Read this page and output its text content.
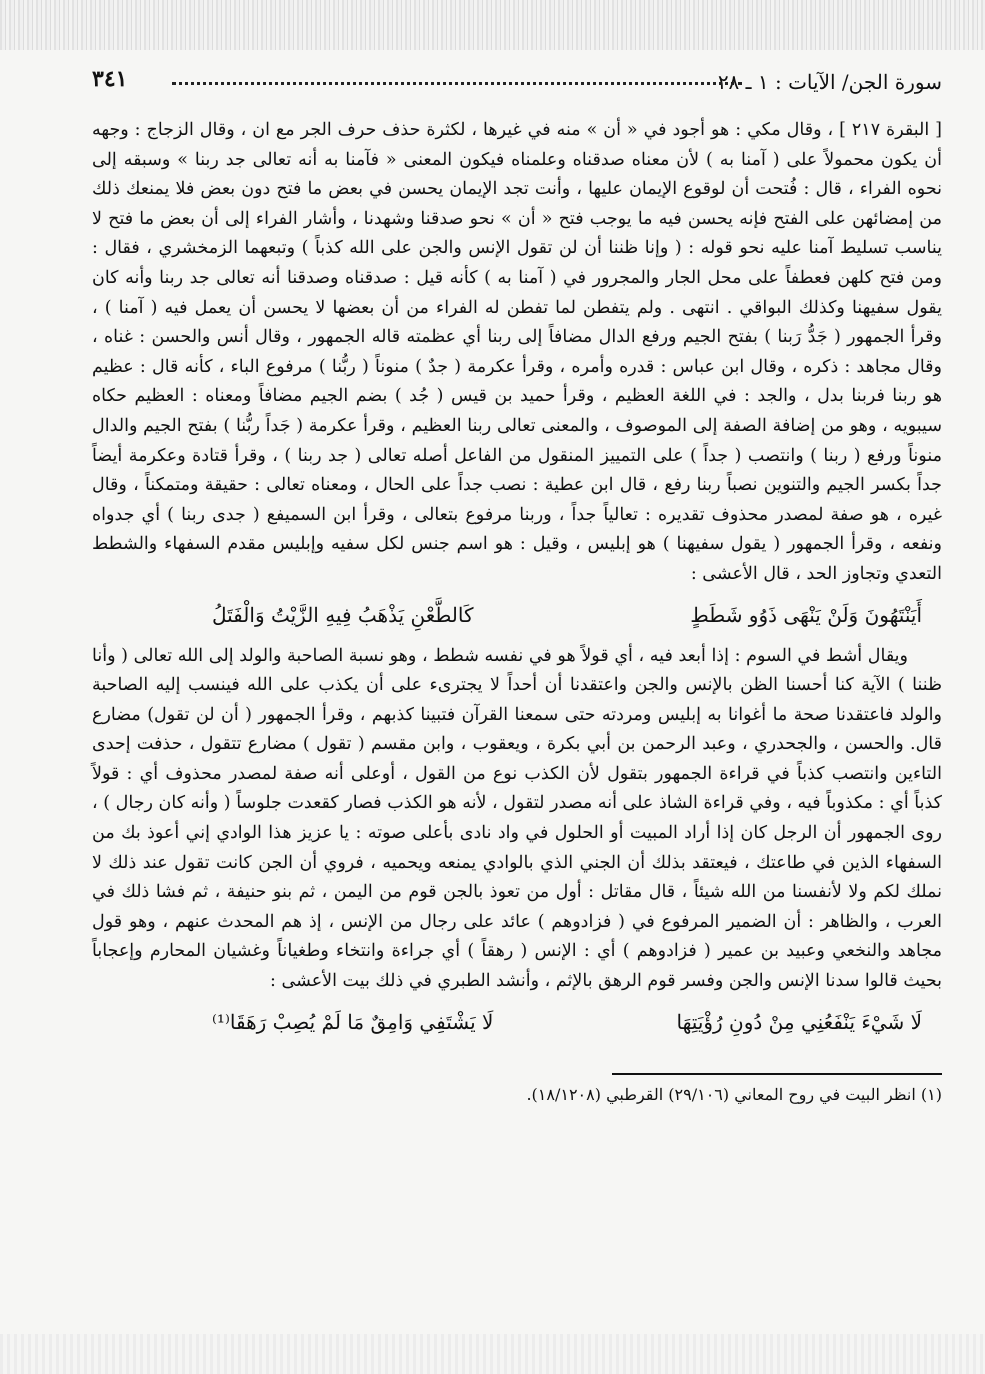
سورة الجن/ الآيات : ١ ـ ٢٨
٣٤١

[ البقرة ٢١٧ ] ، وقال مكي : هو أجود في « أن » منه في غيرها ، لكثرة حذف حرف الجر مع ان ، وقال الزجاج : وجهه أن يكون محمولاً على ( آمنا به ) لأن معناه صدقناه وعلمناه فيكون المعنى « فآمنا به أنه تعالى جد ربنا » وسبقه إلى نحوه الفراء ، قال : فُتحت أن لوقوع الإيمان عليها ، وأنت تجد الإيمان يحسن في بعض ما فتح دون بعض فلا يمنعك ذلك من إمضائهن على الفتح فإنه يحسن فيه ما يوجب فتح « أن » نحو صدقنا وشهدنا ، وأشار الفراء إلى أن بعض ما فتح لا يناسب تسليط آمنا عليه نحو قوله : ( وإنا ظننا أن لن تقول الإنس والجن على الله كذباً ) وتبعهما الزمخشري ، فقال : ومن فتح كلهن فعطفاً على محل الجار والمجرور في ( آمنا به ) كأنه قيل : صدقناه وصدقنا أنه تعالى جد ربنا وأنه كان يقول سفيهنا وكذلك البواقي . انتهى . ولم يتفطن لما تفطن له الفراء من أن بعضها لا يحسن أن يعمل فيه ( آمنا ) ، وقرأ الجمهور ( جَدُّ رَبنا ) بفتح الجيم ورفع الدال مضافاً إلى ربنا أي عظمته قاله الجمهور ، وقال أنس والحسن : غناه ، وقال مجاهد : ذكره ، وقال ابن عباس : قدره وأمره ، وقرأ عكرمة ( جدٌ ) منوناً ( ربُّنا ) مرفوع الباء ، كأنه قال : عظيم هو ربنا فربنا بدل ، والجد : في اللغة العظيم ، وقرأ حميد بن قيس ( جُد ) بضم الجيم مضافاً ومعناه : العظيم حكاه سيبويه ، وهو من إضافة الصفة إلى الموصوف ، والمعنى تعالى ربنا العظيم ، وقرأ عكرمة ( جَداً ربُّنا ) بفتح الجيم والدال منوناً ورفع ( ربنا ) وانتصب ( جداً ) على التمييز المنقول من الفاعل أصله تعالى ( جد ربنا ) ، وقرأ قتادة وعكرمة أيضاً جداً بكسر الجيم والتنوين نصباً ربنا رفع ، قال ابن عطية : نصب جداً على الحال ، ومعناه تعالى : حقيقة ومتمكناً ، وقال غيره ، هو صفة لمصدر محذوف تقديره : تعالياً جداً ، وربنا مرفوع بتعالى ، وقرأ ابن السميفع ( جدى ربنا ) أي جدواه ونفعه ، وقرأ الجمهور ( يقول سفيهنا ) هو إبليس ، وقيل : هو اسم جنس لكل سفيه وإبليس مقدم السفهاء والشطط التعدي وتجاوز الحد ، قال الأعشى :

أَيَنْتَهُونَ وَلَنْ يَنْهَى ذَوُو شَطَطٍ
كَالطَّعْنِ يَذْهَبُ فِيهِ الزَّيْتُ وَالْفَتَلُ

ويقال أشط في السوم : إذا أبعد فيه ، أي قولاً هو في نفسه شطط ، وهو نسبة الصاحبة والولد إلى الله تعالى ( وأنا ظننا ) الآية كنا أحسنا الظن بالإنس والجن واعتقدنا أن أحداً لا يجترىء على أن يكذب على الله فينسب إليه الصاحبة والولد فاعتقدنا صحة ما أغوانا به إبليس ومردته حتى سمعنا القرآن فتبينا كذبهم ، وقرأ الجمهور ( أن لن تقول) مضارع قال. والحسن ، والجحدري ، وعبد الرحمن بن أبي بكرة ، ويعقوب ، وابن مقسم ( تقول ) مضارع تتقول ، حذفت إحدى التاءين وانتصب كذباً في قراءة الجمهور بتقول لأن الكذب نوع من القول ، أوعلى أنه صفة لمصدر محذوف أي : قولاً كذباً أي : مكذوباً فيه ، وفي قراءة الشاذ على أنه مصدر لتقول ، لأنه هو الكذب فصار كقعدت جلوساً ( وأنه كان رجال ) ، روى الجمهور أن الرجل كان إذا أراد المبيت أو الحلول في واد نادى بأعلى صوته : يا عزيز هذا الوادي إني أعوذ بك من السفهاء الذين في طاعتك ، فيعتقد بذلك أن الجني الذي بالوادي يمنعه ويحميه ، فروي أن الجن كانت تقول عند ذلك لا نملك لكم ولا لأنفسنا من الله شيئاً ، قال مقاتل : أول من تعوذ بالجن قوم من اليمن ، ثم بنو حنيفة ، ثم فشا ذلك في العرب ، والظاهر : أن الضمير المرفوع في ( فزادوهم ) عائد على رجال من الإنس ، إذ هم المحدث عنهم ، وهو قول مجاهد والنخعي وعبيد بن عمير ( فزادوهم ) أي : الإنس ( رهقاً ) أي جراءة وانتخاء وطغياناً وغشيان المحارم وإعجاباً بحيث قالوا سدنا الإنس والجن وفسر قوم الرهق بالإثم ، وأنشد الطبري في ذلك بيت الأعشى :

لَا شَيْءَ يَنْفَعُنِي مِنْ دُونِ رُؤْيَتِهَا
لَا يَشْتَفِي وَامِقٌ مَا لَمْ يُصِبْ رَهَقَا⁽¹⁾
(١) انظر البيت في روح المعاني (٢٩/١٠٦) القرطبي (١٨/١٢٠٨).
